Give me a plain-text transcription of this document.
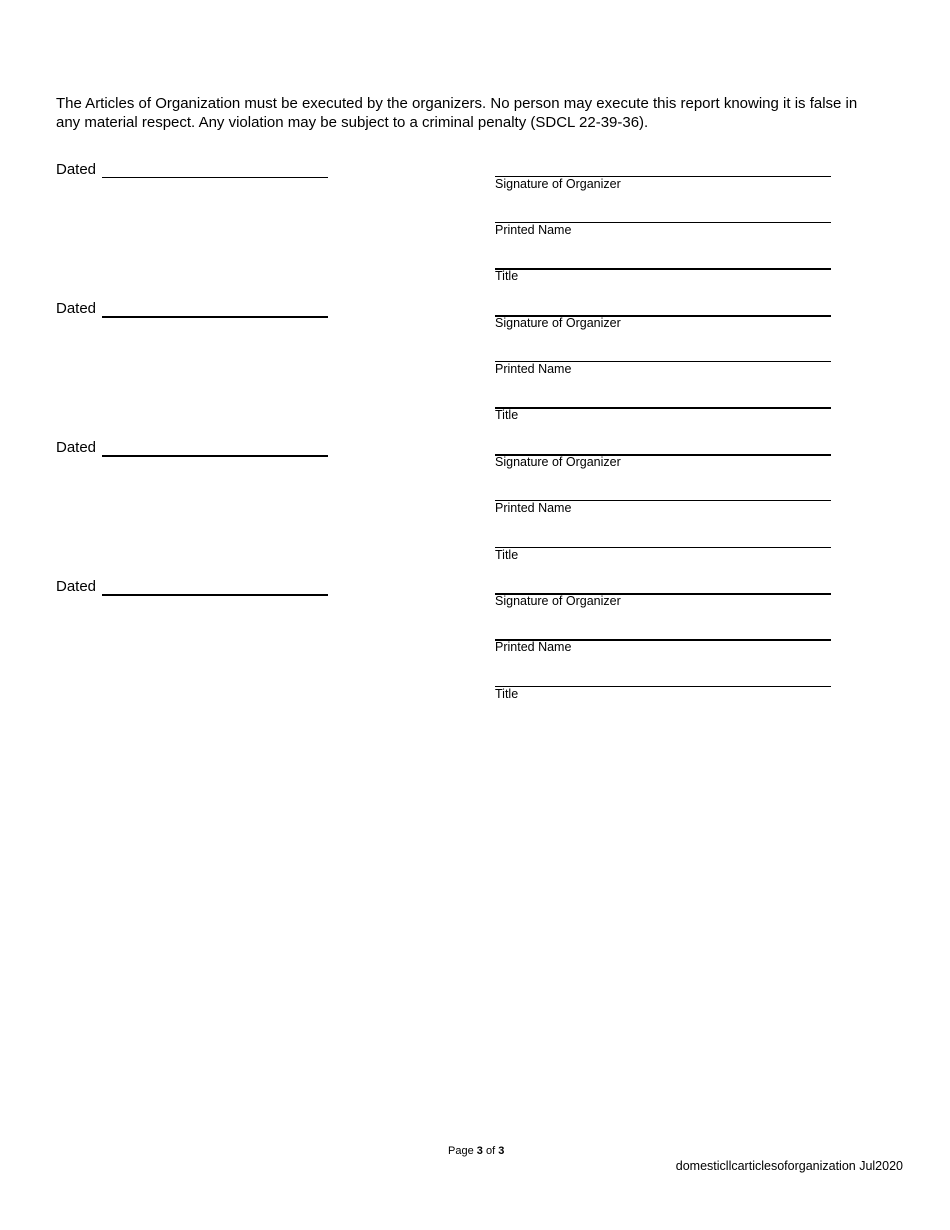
The Articles of Organization must be executed by the organizers. No person may execute this report knowing it is false in
any material respect. Any violation may be subject to a criminal penalty (SDCL 22-39-36).

Dated
Signature of Organizer
Printed Name
Title
Dated
Signature of Organizer
Printed Name
Title
Dated
Signature of Organizer
Printed Name
Title
Dated
Signature of Organizer
Printed Name
Title
Page 3 of 3
domesticllcarticlesoforganization Jul2020
